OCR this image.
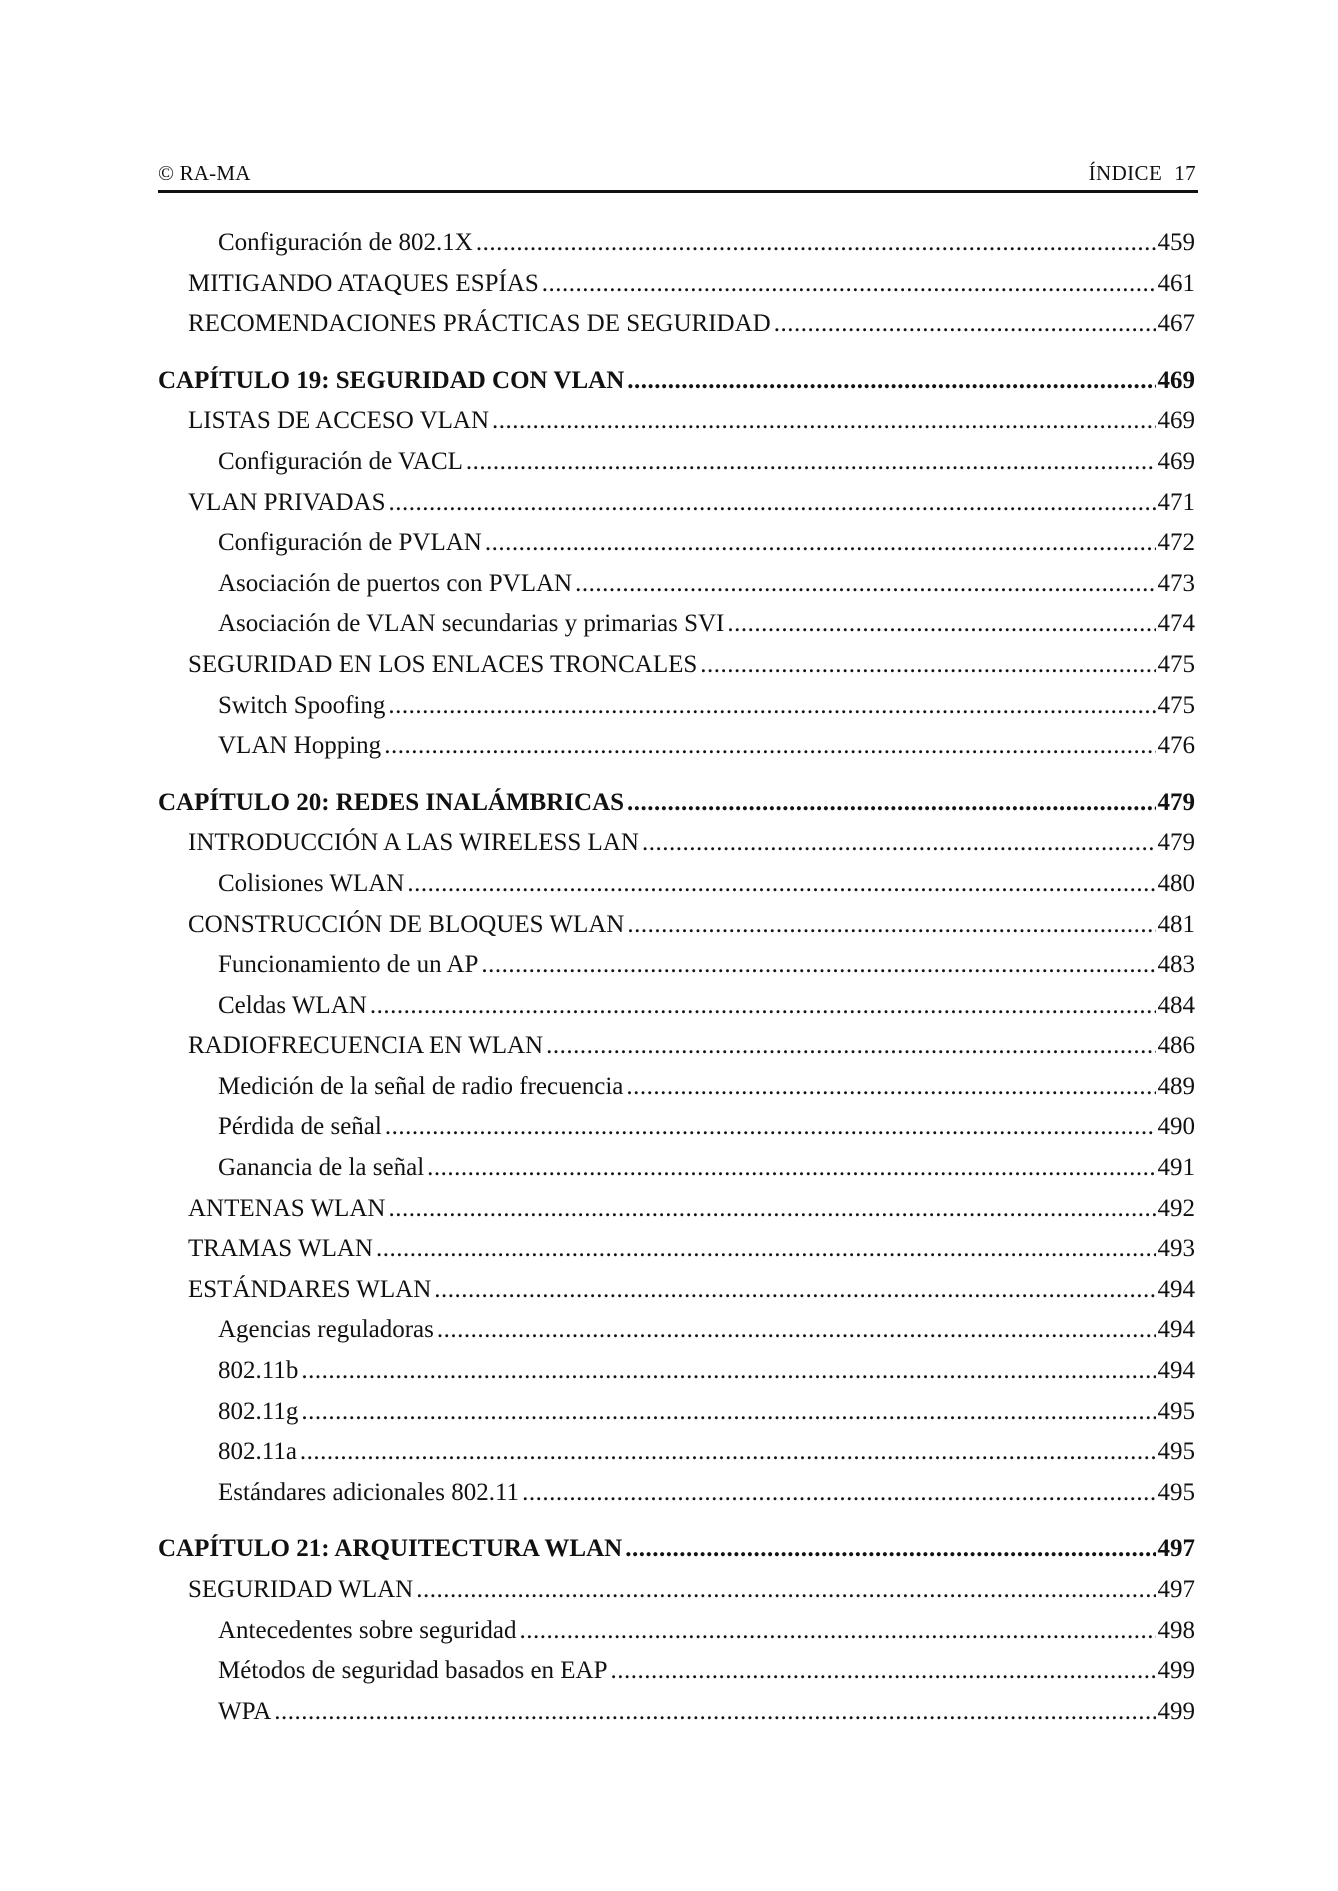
© RA-MA	ÍNDICE 17
Configuración de 802.1X .....	459
MITIGANDO ATAQUES ESPÍAS .....	461
RECOMENDACIONES PRÁCTICAS DE SEGURIDAD .....	467
CAPÍTULO 19: SEGURIDAD CON VLAN .....	469
LISTAS DE ACCESO VLAN .....	469
Configuración de VACL .....	469
VLAN PRIVADAS .....	471
Configuración de PVLAN .....	472
Asociación de puertos con PVLAN .....	473
Asociación de VLAN secundarias y primarias SVI .....	474
SEGURIDAD EN LOS ENLACES TRONCALES .....	475
Switch Spoofing .....	475
VLAN Hopping .....	476
CAPÍTULO 20: REDES INALÁMBRICAS .....	479
INTRODUCCIÓN A LAS WIRELESS LAN .....	479
Colisiones WLAN .....	480
CONSTRUCCIÓN DE BLOQUES WLAN .....	481
Funcionamiento de un AP .....	483
Celdas WLAN .....	484
RADIOFRECUENCIA EN WLAN .....	486
Medición de la señal de radio frecuencia .....	489
Pérdida de señal .....	490
Ganancia de la señal .....	491
ANTENAS WLAN .....	492
TRAMAS WLAN .....	493
ESTÁNDARES WLAN .....	494
Agencias reguladoras .....	494
802.11b .....	494
802.11g .....	495
802.11a .....	495
Estándares adicionales 802.11 .....	495
CAPÍTULO 21: ARQUITECTURA WLAN .....	497
SEGURIDAD WLAN .....	497
Antecedentes sobre seguridad .....	498
Métodos de seguridad basados en EAP .....	499
WPA .....	499
